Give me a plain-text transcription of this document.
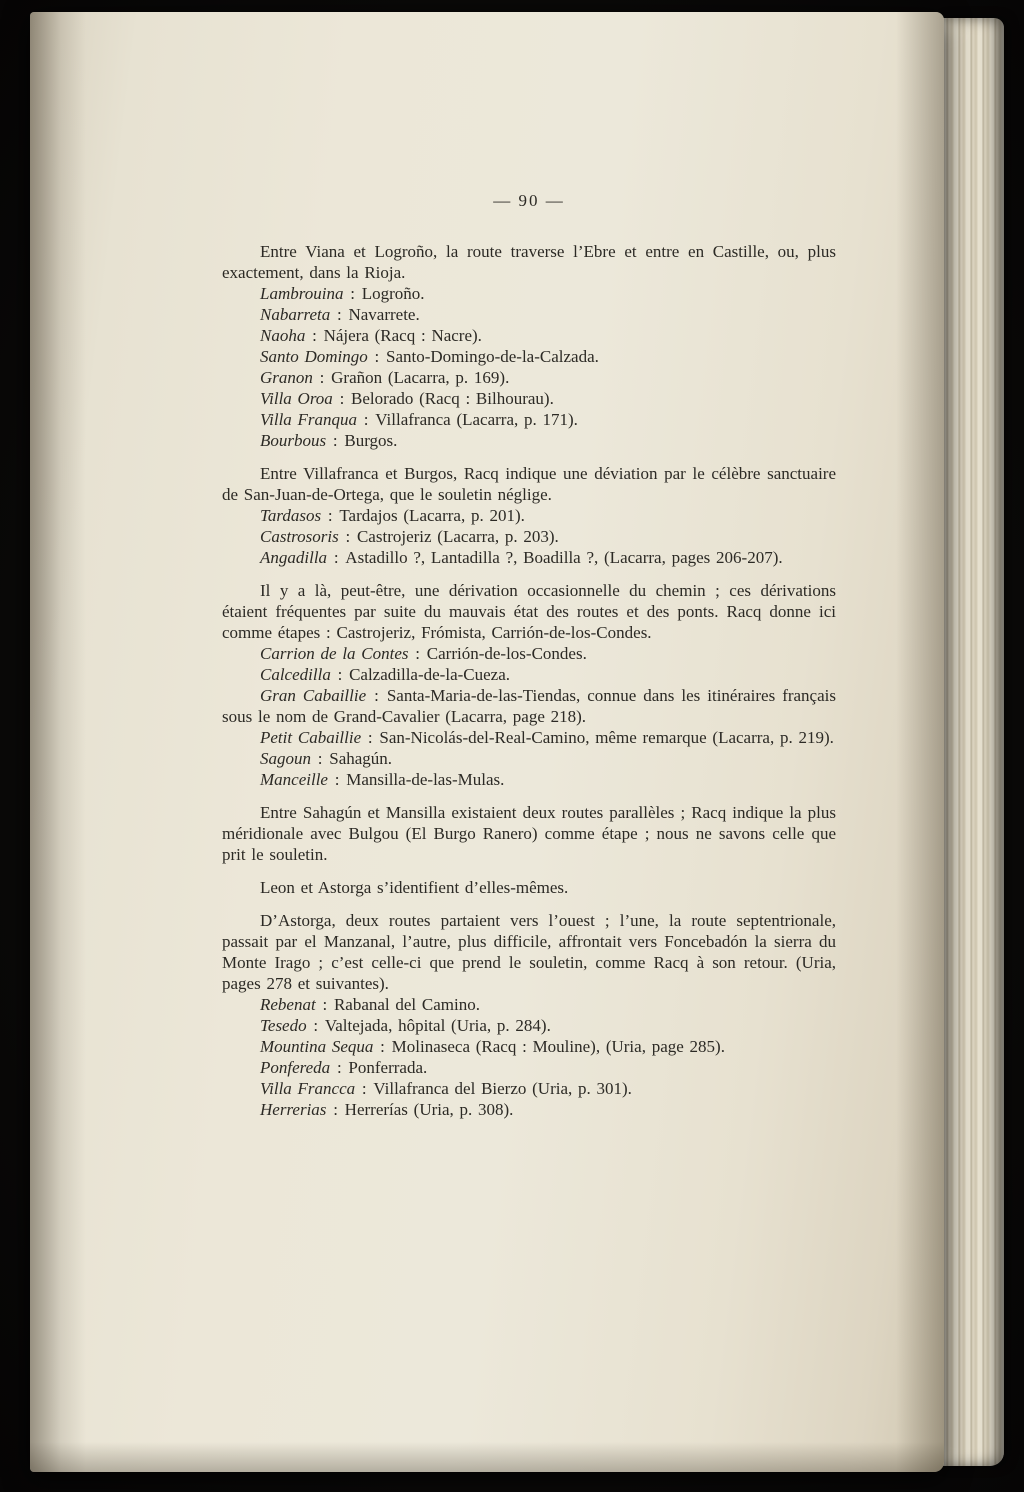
— 90 —

Entre Viana et Logroño, la route traverse l’Ebre et entre en Castille, ou, plus exactement, dans la Rioja.

Lambrouina : Logroño.

Nabarreta : Navarrete.

Naoha : Nájera (Racq : Nacre).

Santo Domingo : Santo-Domingo-de-la-Calzada.

Granon : Grañon (Lacarra, p. 169).

Villa Oroa : Belorado (Racq : Bilhourau).

Villa Franqua : Villafranca (Lacarra, p. 171).

Bourbous : Burgos.

Entre Villafranca et Burgos, Racq indique une déviation par le célèbre sanctuaire de San-Juan-de-Ortega, que le souletin néglige.

Tardasos : Tardajos (Lacarra, p. 201).

Castrosoris : Castrojeriz (Lacarra, p. 203).

Angadilla : Astadillo ?, Lantadilla ?, Boadilla ?, (Lacarra, pages 206-207).

Il y a là, peut-être, une dérivation occasionnelle du chemin ; ces dérivations étaient fréquentes par suite du mauvais état des routes et des ponts. Racq donne ici comme étapes : Castrojeriz, Frómista, Carrión-de-los-Condes.

Carrion de la Contes : Carrión-de-los-Condes.

Calcedilla : Calzadilla-de-la-Cueza.

Gran Cabaillie : Santa-Maria-de-las-Tiendas, connue dans les itinéraires français sous le nom de Grand-Cavalier (Lacarra, page 218).

Petit Cabaillie : San-Nicolás-del-Real-Camino, même remarque (Lacarra, p. 219).

Sagoun : Sahagún.

Manceille : Mansilla-de-las-Mulas.

Entre Sahagún et Mansilla existaient deux routes parallèles ; Racq indique la plus méridionale avec Bulgou (El Burgo Ranero) comme étape ; nous ne savons celle que prit le souletin.

Leon et Astorga s’identifient d’elles-mêmes.

D’Astorga, deux routes partaient vers l’ouest ; l’une, la route septentrionale, passait par el Manzanal, l’autre, plus difficile, affrontait vers Foncebadón la sierra du Monte Irago ; c’est celle-ci que prend le souletin, comme Racq à son retour. (Uria, pages 278 et suivantes).

Rebenat : Rabanal del Camino.

Tesedo : Valtejada, hôpital (Uria, p. 284).

Mountina Sequa : Molinaseca (Racq : Mouline), (Uria, page 285).

Ponfereda : Ponferrada.

Villa Francca : Villafranca del Bierzo (Uria, p. 301).

Herrerias : Herrerías (Uria, p. 308).
